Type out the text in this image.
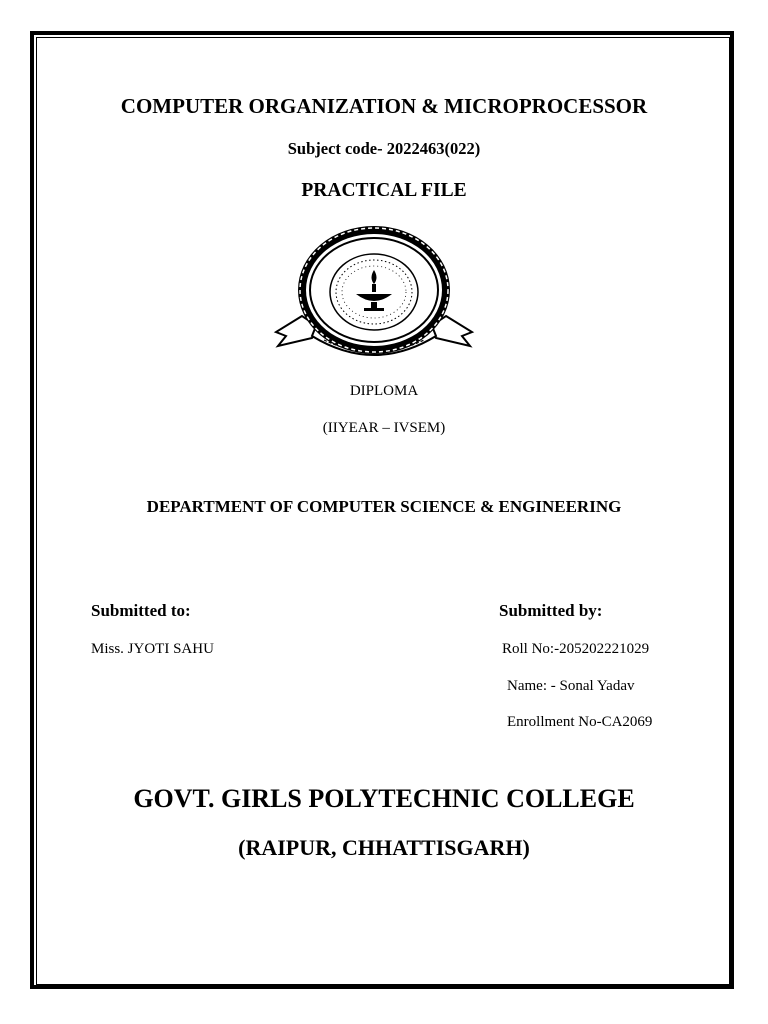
COMPUTER ORGANIZATION & MICROPROCESSOR
Subject code- 2022463(022)
PRACTICAL FILE
DIPLOMA
(IIYEAR – IVSEM)
DEPARTMENT OF COMPUTER SCIENCE & ENGINEERING
Submitted to:
Miss. JYOTI SAHU
Submitted by:
Roll No:-205202221029
Name: - Sonal Yadav
Enrollment No-CA2069
GOVT. GIRLS POLYTECHNIC COLLEGE
(RAIPUR, CHHATTISGARH)
